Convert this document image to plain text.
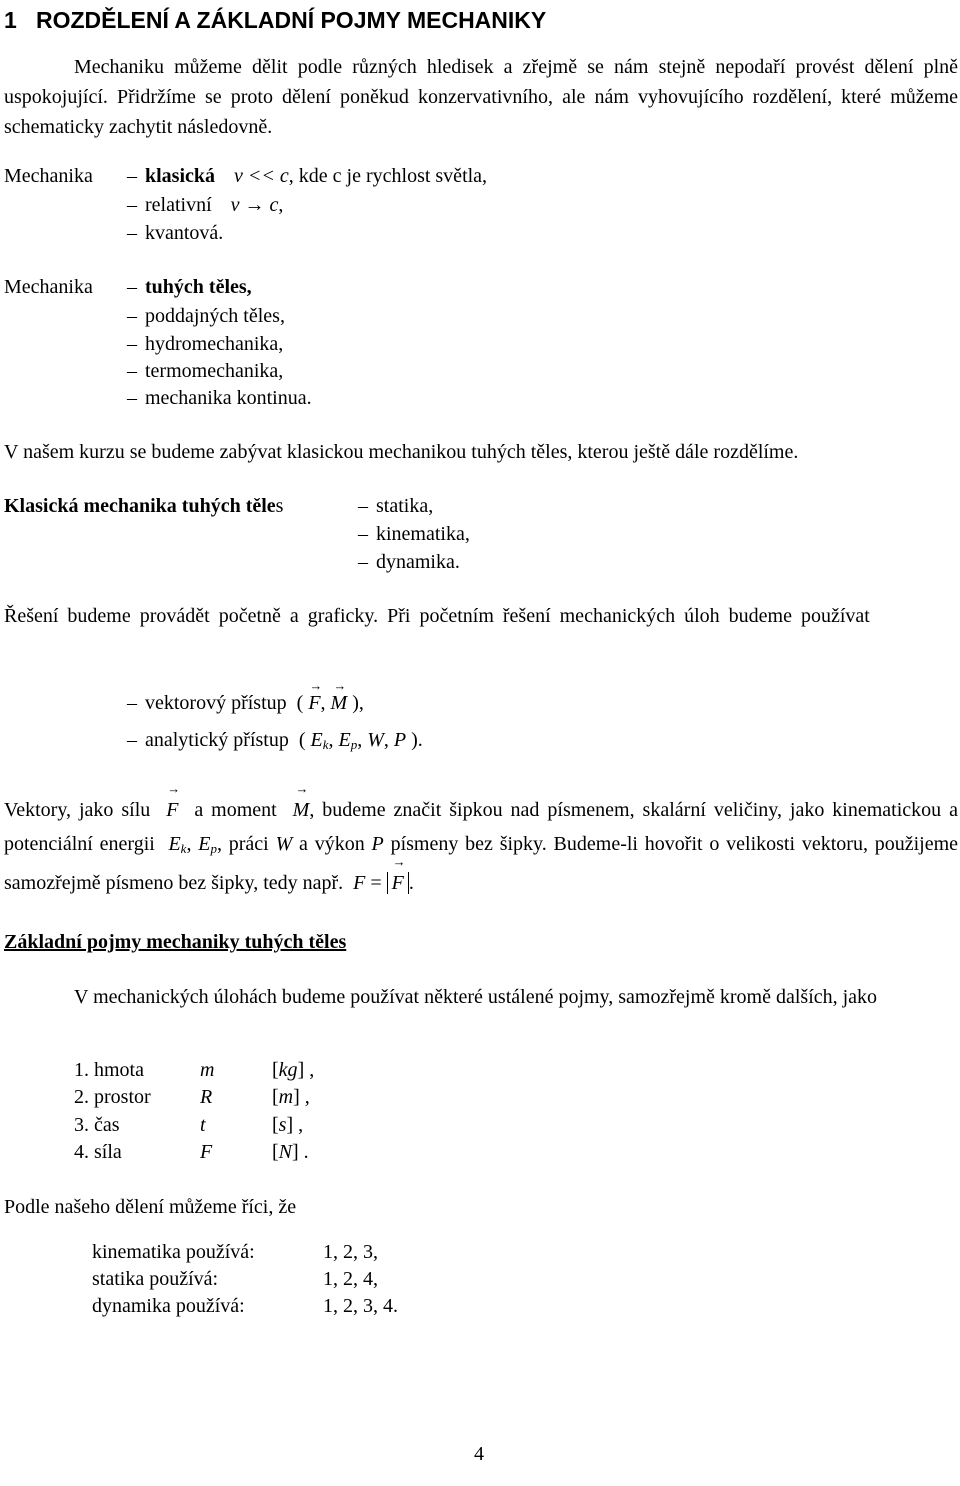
1 ROZDĚLENÍ A ZÁKLADNÍ POJMY MECHANIKY
Mechaniku můžeme dělit podle různých hledisek a zřejmě se nám stejně nepodaří provést dělení plně uspokojující. Přidržíme se proto dělení poněkud konzervativního, ale nám vyhovujícího rozdělení, které můžeme schematicky zachytit následovně.
Mechanika –	klasická v << c, kde c je rychlost světla,
– relativní v → c,
– kvantová.
Mechanika –	tuhých těles,
– poddajných těles,
– hydromechanika,
– termomechanika,
– mechanika kontinua.
V našem kurzu se budeme zabývat klasickou mechanikou tuhých těles, kterou ještě dále rozdělíme.
Klasická mechanika tuhých těles –	statika,
– kinematika,
– dynamika.
Řešení budeme provádět početně a graficky. Při početním řešení mechanických úloh budeme používat
– vektorový přístup  (
→
F,
→
M ),
– analytický přístup  ( $E_k$, $E_p$, W, P ).
Vektory, jako sílu
→
F a moment
→
M, budeme značit šipkou nad písmenem, skalární veličiny, jako kinematickou a potenciální energii $E_k$, $E_p$, práci W a výkon P písmeny bez šipky. Budeme-li hovořit o velikosti vektoru, použijeme samozřejmě písmeno bez šipky, tedy např. F =
→
F .
Základní pojmy mechaniky tuhých těles
V mechanických úlohách budeme používat některé ustálené pojmy, samozřejmě kromě dalších, jako
1. hmota	m	[kg] ,
2. prostor R	[m] ,
3. čas	t	[s] ,
4. síla	F	[N] .
Podle našeho dělení můžeme říci, že
kinematika používá:	1, 2, 3,
statika používá:	1, 2, 4,
dynamika používá:	1, 2, 3, 4.
4
